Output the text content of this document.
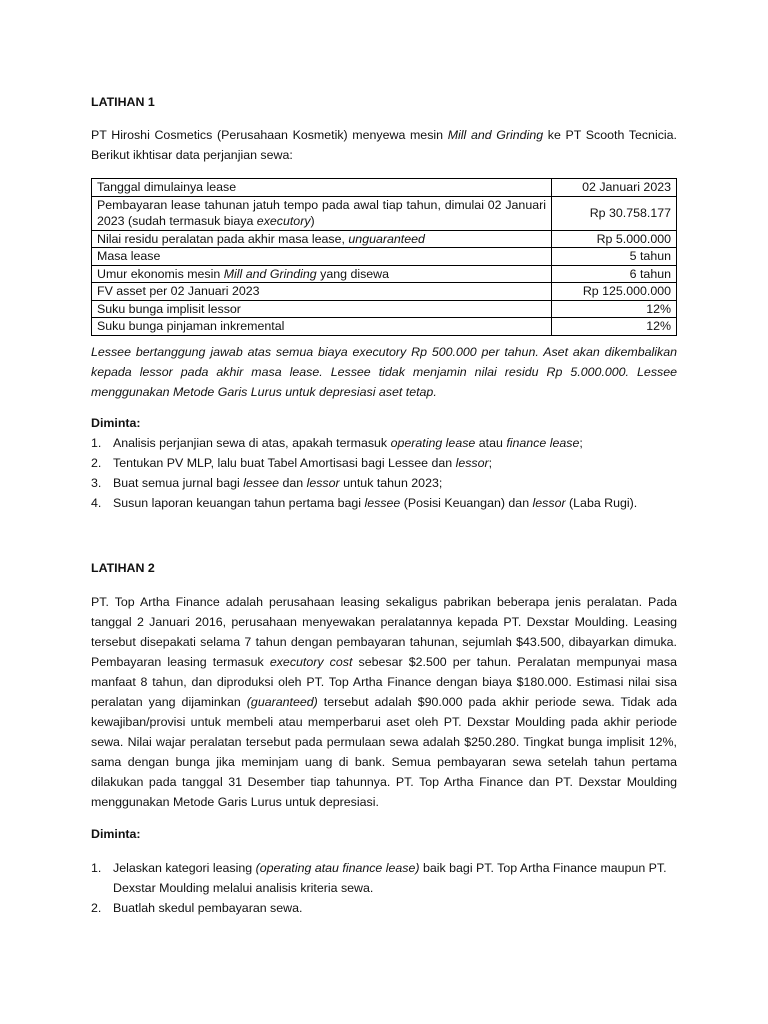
LATIHAN 1
PT Hiroshi Cosmetics (Perusahaan Kosmetik) menyewa mesin Mill and Grinding ke PT Scooth Tecnicia.
Berikut ikhtisar data perjanjian sewa:
Tanggal dimulainya lease	02 Januari 2023
Pembayaran lease tahunan jatuh tempo pada awal tiap tahun, dimulai 02 Januari 2023 (sudah termasuk biaya executory)	Rp 30.758.177
Nilai residu peralatan pada akhir masa lease, unguaranteed	Rp 5.000.000
Masa lease	5 tahun
Umur ekonomis mesin Mill and Grinding yang disewa	6 tahun
FV asset per 02 Januari 2023	Rp 125.000.000
Suku bunga implisit lessor	12%
Suku bunga pinjaman inkremental	12%
Lessee bertanggung jawab atas semua biaya executory Rp 500.000 per tahun. Aset akan dikembalikan kepada lessor pada akhir masa lease. Lessee tidak menjamin nilai residu Rp 5.000.000. Lessee menggunakan Metode Garis Lurus untuk depresiasi aset tetap.
Diminta:
1. Analisis perjanjian sewa di atas, apakah termasuk operating lease atau finance lease;
2. Tentukan PV MLP, lalu buat Tabel Amortisasi bagi Lessee dan lessor;
3. Buat semua jurnal bagi lessee dan lessor untuk tahun 2023;
4. Susun laporan keuangan tahun pertama bagi lessee (Posisi Keuangan) dan lessor (Laba Rugi).
LATIHAN 2
PT. Top Artha Finance adalah perusahaan leasing sekaligus pabrikan beberapa jenis peralatan. Pada tanggal 2 Januari 2016, perusahaan menyewakan peralatannya kepada PT. Dexstar Moulding. Leasing tersebut disepakati selama 7 tahun dengan pembayaran tahunan, sejumlah $43.500, dibayarkan dimuka. Pembayaran leasing termasuk executory cost sebesar $2.500 per tahun. Peralatan mempunyai masa manfaat 8 tahun, dan diproduksi oleh PT. Top Artha Finance dengan biaya $180.000. Estimasi nilai sisa peralatan yang dijaminkan (guaranteed) tersebut adalah $90.000 pada akhir periode sewa. Tidak ada kewajiban/provisi untuk membeli atau memperbarui aset oleh PT. Dexstar Moulding pada akhir periode sewa. Nilai wajar peralatan tersebut pada permulaan sewa adalah $250.280. Tingkat bunga implisit 12%, sama dengan bunga jika meminjam uang di bank. Semua pembayaran sewa setelah tahun pertama dilakukan pada tanggal 31 Desember tiap tahunnya. PT. Top Artha Finance dan PT. Dexstar Moulding menggunakan Metode Garis Lurus untuk depresiasi.
Diminta:
1. Jelaskan kategori leasing (operating atau finance lease) baik bagi PT. Top Artha Finance maupun PT. Dexstar Moulding melalui analisis kriteria sewa.
2. Buatlah skedul pembayaran sewa.
